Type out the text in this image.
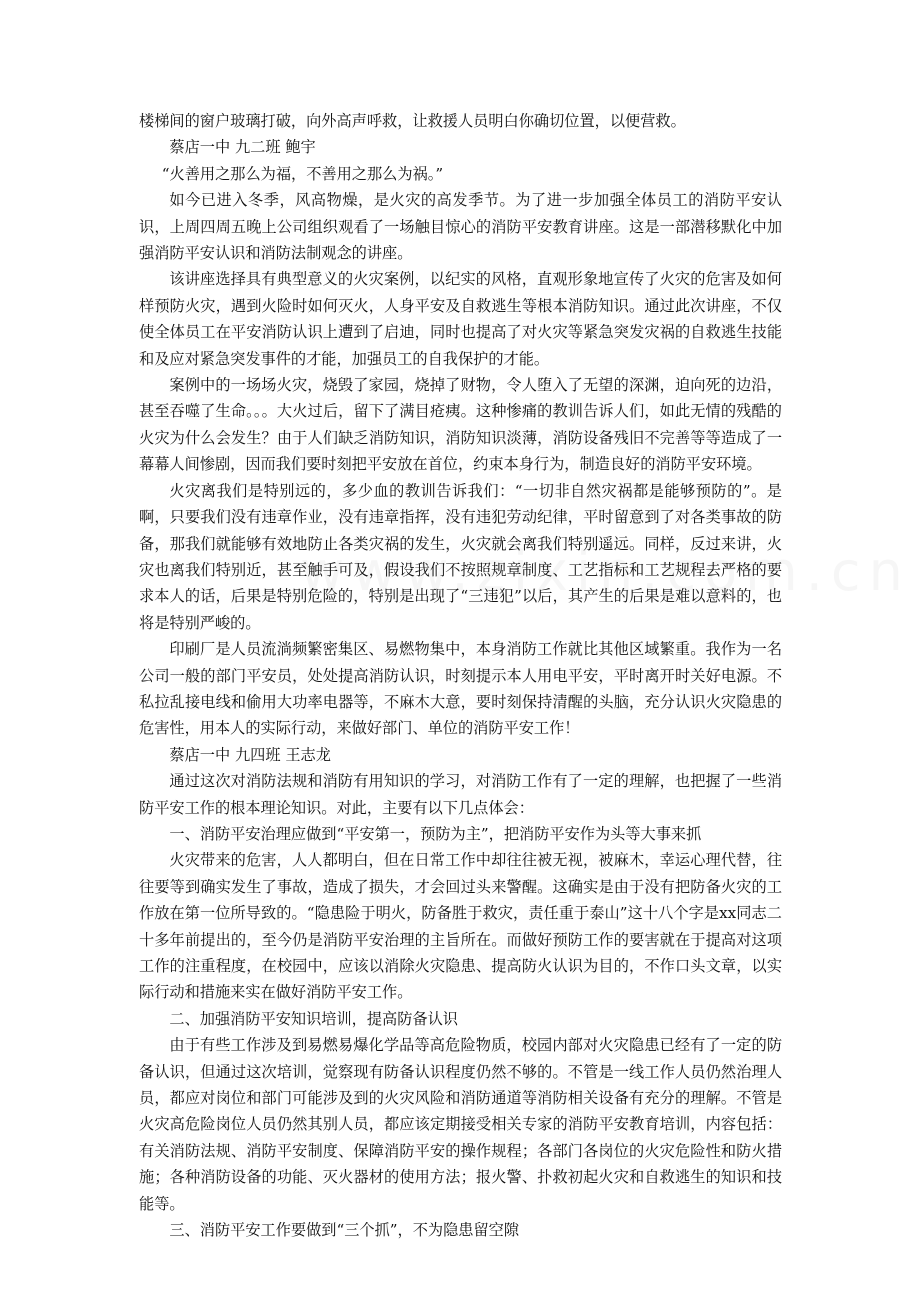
楼梯间的窗户玻璃打破，向外高声呼救，让救援人员明白你确切位置，以便营救。

蔡店一中 九二班 鲍宇

“火善用之那么为福，不善用之那么为祸。”

如今已进入冬季，风高物燥，是火灾的高发季节。为了进一步加强全体员工的消防平安认识，上周四周五晚上公司组织观看了一场触目惊心的消防平安教育讲座。这是一部潜移默化中加强消防平安认识和消防法制观念的讲座。

该讲座选择具有典型意义的火灾案例，以纪实的风格，直观形象地宣传了火灾的危害及如何样预防火灾，遇到火险时如何灭火，人身平安及自救逃生等根本消防知识。通过此次讲座，不仅使全体员工在平安消防认识上遭到了启迪，同时也提高了对火灾等紧急突发灾祸的自救逃生技能和及应对紧急突发事件的才能，加强员工的自我保护的才能。

案例中的一场场火灾，烧毁了家园，烧掉了财物，令人堕入了无望的深渊，迫向死的边沿，甚至吞噬了生命。。。大火过后，留下了满目疮痍。这种惨痛的教训告诉人们，如此无情的残酷的火灾为什么会发生？由于人们缺乏消防知识，消防知识淡薄，消防设备残旧不完善等等造成了一幕幕人间惨剧，因而我们要时刻把平安放在首位，约束本身行为，制造良好的消防平安环境。

火灾离我们是特别远的，多少血的教训告诉我们：“一切非自然灾祸都是能够预防的”。是啊，只要我们没有违章作业，没有违章指挥，没有违犯劳动纪律，平时留意到了对各类事故的防备，那我们就能够有效地防止各类灾祸的发生，火灾就会离我们特别遥远。同样，反过来讲，火灾也离我们特别近，甚至触手可及，假设我们不按照规章制度、工艺指标和工艺规程去严格的要求本人的话，后果是特别危险的，特别是出现了“三违犯”以后，其产生的后果是难以意料的，也将是特别严峻的。

印刷厂是人员流淌频繁密集区、易燃物集中，本身消防工作就比其他区域繁重。我作为一名公司一般的部门平安员，处处提高消防认识，时刻提示本人用电平安，平时离开时关好电源。不私拉乱接电线和偷用大功率电器等，不麻木大意，要时刻保持清醒的头脑，充分认识火灾隐患的危害性，用本人的实际行动，来做好部门、单位的消防平安工作！

蔡店一中 九四班 王志龙

通过这次对消防法规和消防有用知识的学习，对消防工作有了一定的理解，也把握了一些消防平安工作的根本理论知识。对此，主要有以下几点体会：

一、消防平安治理应做到“平安第一，预防为主”，把消防平安作为头等大事来抓

火灾带来的危害，人人都明白，但在日常工作中却往往被无视，被麻木，幸运心理代替，往往要等到确实发生了事故，造成了损失，才会回过头来警醒。这确实是由于没有把防备火灾的工作放在第一位所导致的。“隐患险于明火，防备胜于救灾，责任重于泰山”这十八个字是xx同志二十多年前提出的，至今仍是消防平安治理的主旨所在。而做好预防工作的要害就在于提高对这项工作的注重程度，在校园中，应该以消除火灾隐患、提高防火认识为目的，不作口头文章，以实际行动和措施来实在做好消防平安工作。

二、加强消防平安知识培训，提高防备认识

由于有些工作涉及到易燃易爆化学品等高危险物质，校园内部对火灾隐患已经有了一定的防备认识，但通过这次培训，觉察现有防备认识程度仍然不够的。不管是一线工作人员仍然治理人员，都应对岗位和部门可能涉及到的火灾风险和消防通道等消防相关设备有充分的理解。不管是火灾高危险岗位人员仍然其别人员，都应该定期接受相关专家的消防平安教育培训，内容包括：有关消防法规、消防平安制度、保障消防平安的操作规程；各部门各岗位的火灾危险性和防火措施；各种消防设备的功能、灭火器材的使用方法；报火警、扑救初起火灾和自救逃生的知识和技能等。

三、消防平安工作要做到“三个抓”，不为隐患留空隙
